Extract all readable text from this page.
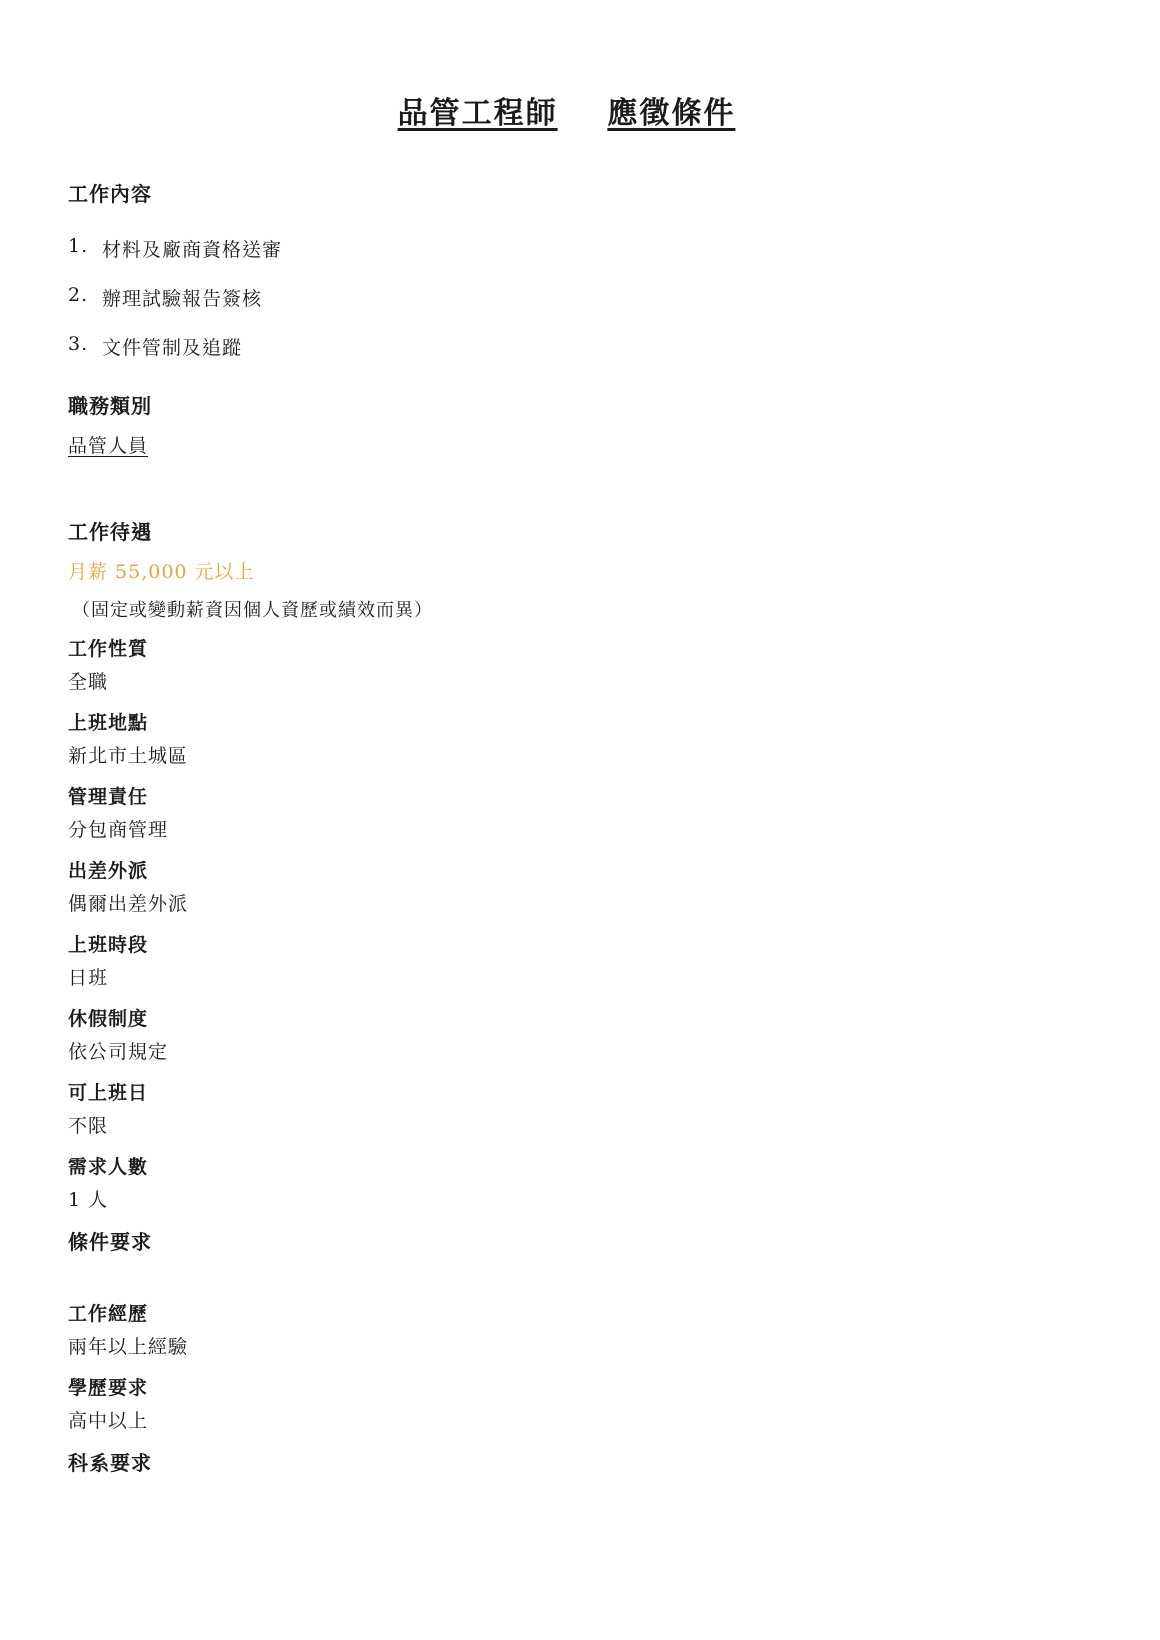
品管工程師 應徵條件

工作內容

1. 材料及廠商資格送審
2. 辦理試驗報告簽核
3. 文件管制及追蹤

職務類別

品管人員

工作待遇

月薪 55,000 元以上

（固定或變動薪資因個人資歷或績效而異）

工作性質

全職

上班地點

新北市土城區

管理責任

分包商管理

出差外派

偶爾出差外派

上班時段

日班

休假制度

依公司規定

可上班日

不限

需求人數

1 人

條件要求

工作經歷

兩年以上經驗

學歷要求

高中以上

科系要求
